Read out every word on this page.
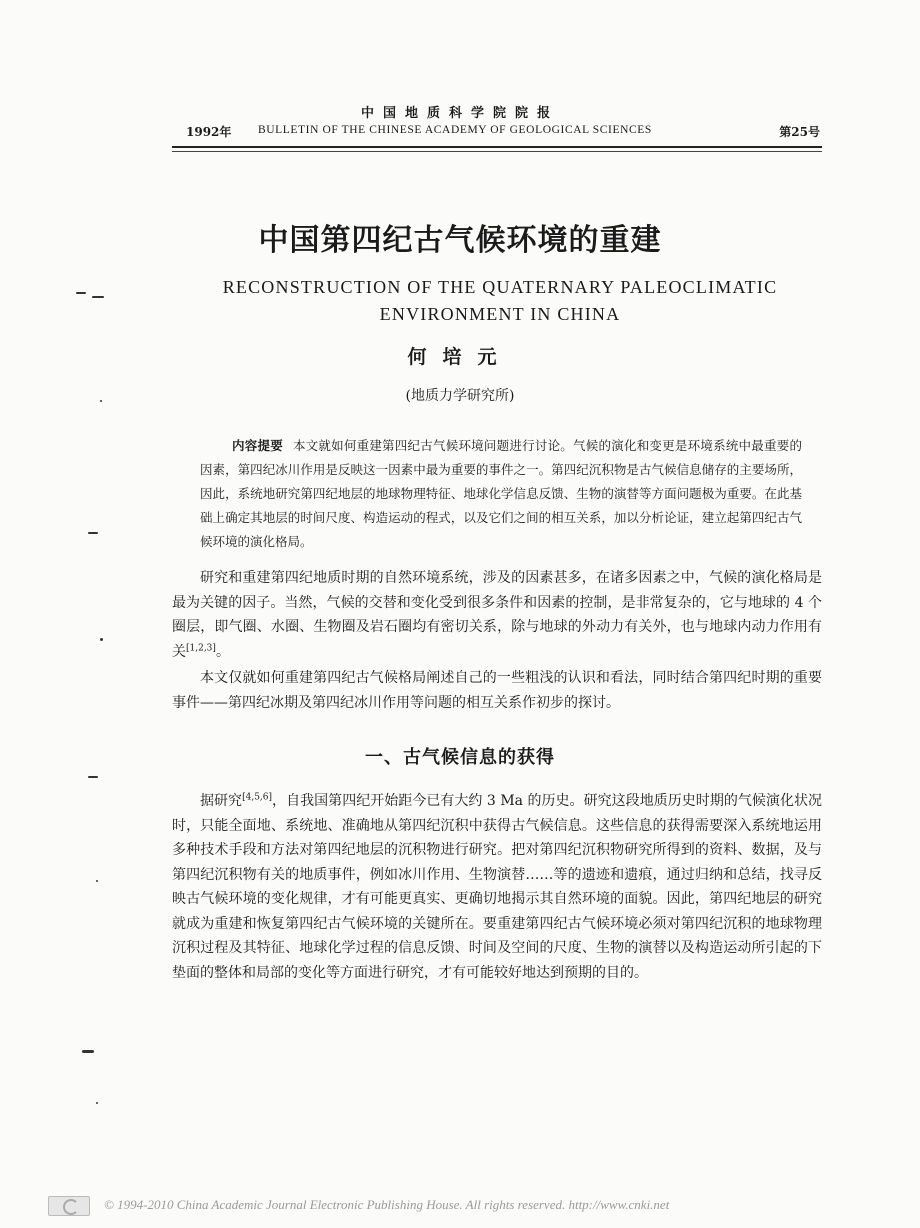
中国地质科学院院报
1992年 BULLETIN OF THE CHINESE ACADEMY OF GEOLOGICAL SCIENCES	第25号
中国第四纪古气候环境的重建
RECONSTRUCTION OF THE QUATERNARY PALEOCLIMATIC
ENVIRONMENT IN CHINA
何培元
(地质力学研究所)

内容提要 本文就如何重建第四纪古气候环境问题进行讨论。气候的演化和变更是环境系统中最重要的因素，第四纪冰川作用是反映这一因素中最为重要的事件之一。第四纪沉积物是古气候信息储存的主要场所，因此，系统地研究第四纪地层的地球物理特征、地球化学信息反馈、生物的演替等方面问题极为重要。在此基础上确定其地层的时间尺度、构造运动的程式，以及它们之间的相互关系，加以分析论证，建立起第四纪古气候环境的演化格局。

研究和重建第四纪地质时期的自然环境系统，涉及的因素甚多，在诸多因素之中，气候的演化格局是最为关键的因子。当然，气候的交替和变化受到很多条件和因素的控制，是非常复杂的，它与地球的 4 个圈层，即气圈、水圈、生物圈及岩石圈均有密切关系，除与地球的外动力有关外，也与地球内动力作用有关[1,2,3]。

本文仅就如何重建第四纪古气候格局阐述自己的一些粗浅的认识和看法，同时结合第四纪时期的重要事件——第四纪冰期及第四纪冰川作用等问题的相互关系作初步的探讨。

一、古气候信息的获得

据研究[4,5,6]，自我国第四纪开始距今已有大约 3 Ma 的历史。研究这段地质历史时期的气候演化状况时，只能全面地、系统地、准确地从第四纪沉积中获得古气候信息。这些信息的获得需要深入系统地运用多种技术手段和方法对第四纪地层的沉积物进行研究。把对第四纪沉积物研究所得到的资料、数据，及与第四纪沉积物有关的地质事件，例如冰川作用、生物演替……等的遗迹和遗痕，通过归纳和总结，找寻反映古气候环境的变化规律，才有可能更真实、更确切地揭示其自然环境的面貌。因此，第四纪地层的研究就成为重建和恢复第四纪古气候环境的关键所在。要重建第四纪古气候环境必须对第四纪沉积的地球物理沉积过程及其特征、地球化学过程的信息反馈、时间及空间的尺度、生物的演替以及构造运动所引起的下垫面的整体和局部的变化等方面进行研究，才有可能较好地达到预期的目的。

© 1994-2010 China Academic Journal Electronic Publishing House. All rights reserved. http://www.cnki.net
